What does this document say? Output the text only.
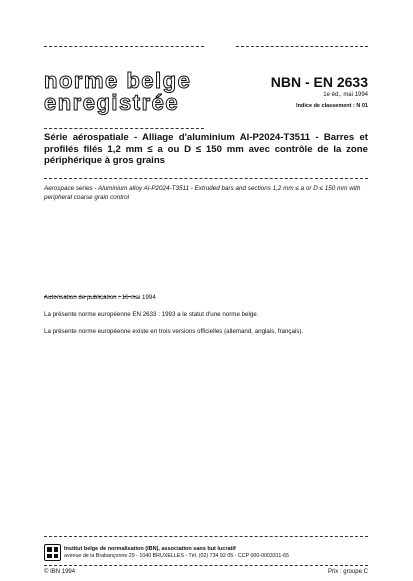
norme belge
enregistrée
NBN - EN 2633
1e éd., mai 1994
Indice de classement : N 01
Série aérospatiale - Alliage d'aluminium Al-P2024-T3511 - Barres et profilés filés 1,2 mm ≤ a ou D ≤ 150 mm avec contrôle de la zone périphérique à gros grains
Aerospace series - Aluminium alloy Al-P2024-T3511 - Extruded bars and sections 1,2 mm ≤ a or D ≤ 150 mm with peripheral coarse grain control
Autorisation de publication : 16 mai 1994
La présente norme européenne EN 2633 : 1993 a le statut d'une norme belge.
La présente norme européenne existe en trois versions officielles (allemand, anglais, français).
Institut belge de normalisation (IBN), association sans but lucratif
avenue de la Brabançonne 29 - 1040 BRUXELLES - Tél. (02) 734 92 05 - CCP 000-0003311-65
© IBN 1994	Prix : groupe C
